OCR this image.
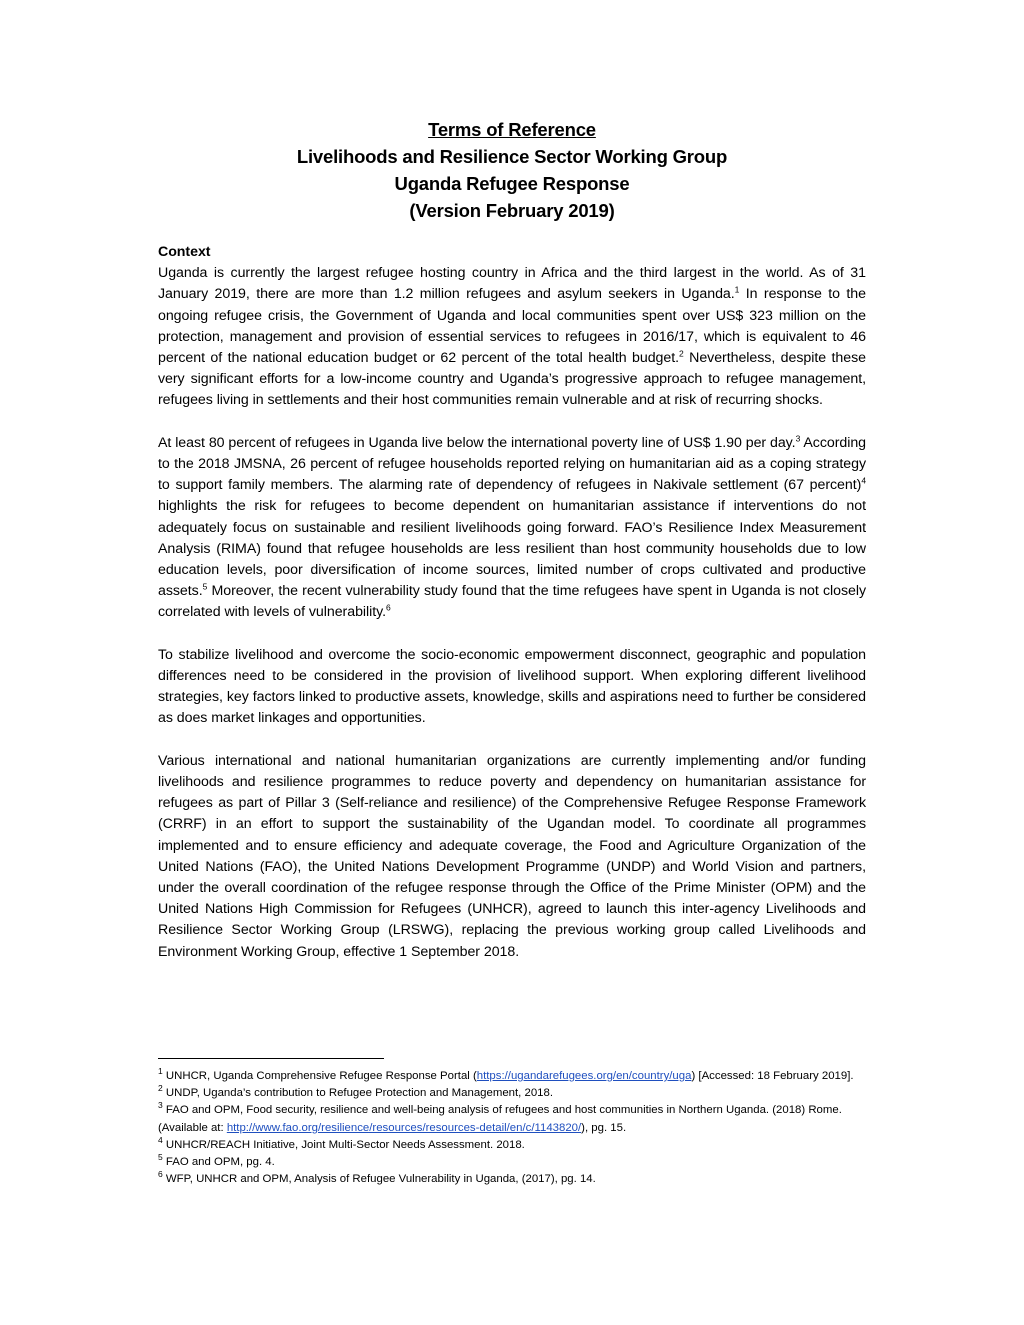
Terms of Reference
Livelihoods and Resilience Sector Working Group
Uganda Refugee Response
(Version February 2019)
Context

Uganda is currently the largest refugee hosting country in Africa and the third largest in the world. As of 31 January 2019, there are more than 1.2 million refugees and asylum seekers in Uganda.$^1$ In response to the ongoing refugee crisis, the Government of Uganda and local communities spent over US$ 323 million on the protection, management and provision of essential services to refugees in 2016/17, which is equivalent to 46 percent of the national education budget or 62 percent of the total health budget.$^2$ Nevertheless, despite these very significant efforts for a low-income country and Uganda’s progressive approach to refugee management, refugees living in settlements and their host communities remain vulnerable and at risk of recurring shocks.

At least 80 percent of refugees in Uganda live below the international poverty line of US$ 1.90 per day.$^3$ According to the 2018 JMSNA, 26 percent of refugee households reported relying on humanitarian aid as a coping strategy to support family members. The alarming rate of dependency of refugees in Nakivale settlement (67 percent)$^4$ highlights the risk for refugees to become dependent on humanitarian assistance if interventions do not adequately focus on sustainable and resilient livelihoods going forward. FAO’s Resilience Index Measurement Analysis (RIMA) found that refugee households are less resilient than host community households due to low education levels, poor diversification of income sources, limited number of crops cultivated and productive assets.$^5$ Moreover, the recent vulnerability study found that the time refugees have spent in Uganda is not closely correlated with levels of vulnerability.$^6$

To stabilize livelihood and overcome the socio-economic empowerment disconnect, geographic and population differences need to be considered in the provision of livelihood support. When exploring different livelihood strategies, key factors linked to productive assets, knowledge, skills and aspirations need to further be considered as does market linkages and opportunities.

Various international and national humanitarian organizations are currently implementing and/or funding livelihoods and resilience programmes to reduce poverty and dependency on humanitarian assistance for refugees as part of Pillar 3 (Self-reliance and resilience) of the Comprehensive Refugee Response Framework (CRRF) in an effort to support the sustainability of the Ugandan model. To coordinate all programmes implemented and to ensure efficiency and adequate coverage, the Food and Agriculture Organization of the United Nations (FAO), the United Nations Development Programme (UNDP) and World Vision and partners, under the overall coordination of the refugee response through the Office of the Prime Minister (OPM) and the United Nations High Commission for Refugees (UNHCR), agreed to launch this inter-agency Livelihoods and Resilience Sector Working Group (LRSWG), replacing the previous working group called Livelihoods and Environment Working Group, effective 1 September 2018.

$^1$ UNHCR, Uganda Comprehensive Refugee Response Portal (https://ugandarefugees.org/en/country/uga) [Accessed: 18 February 2019].

$^2$ UNDP, Uganda’s contribution to Refugee Protection and Management, 2018.

$^3$ FAO and OPM, Food security, resilience and well-being analysis of refugees and host communities in Northern Uganda. (2018) Rome. (Available at: http://www.fao.org/resilience/resources/resources-detail/en/c/1143820/), pg. 15.

$^4$ UNHCR/REACH Initiative, Joint Multi-Sector Needs Assessment. 2018.

$^5$ FAO and OPM, pg. 4.

$^6$ WFP, UNHCR and OPM, Analysis of Refugee Vulnerability in Uganda, (2017), pg. 14.
